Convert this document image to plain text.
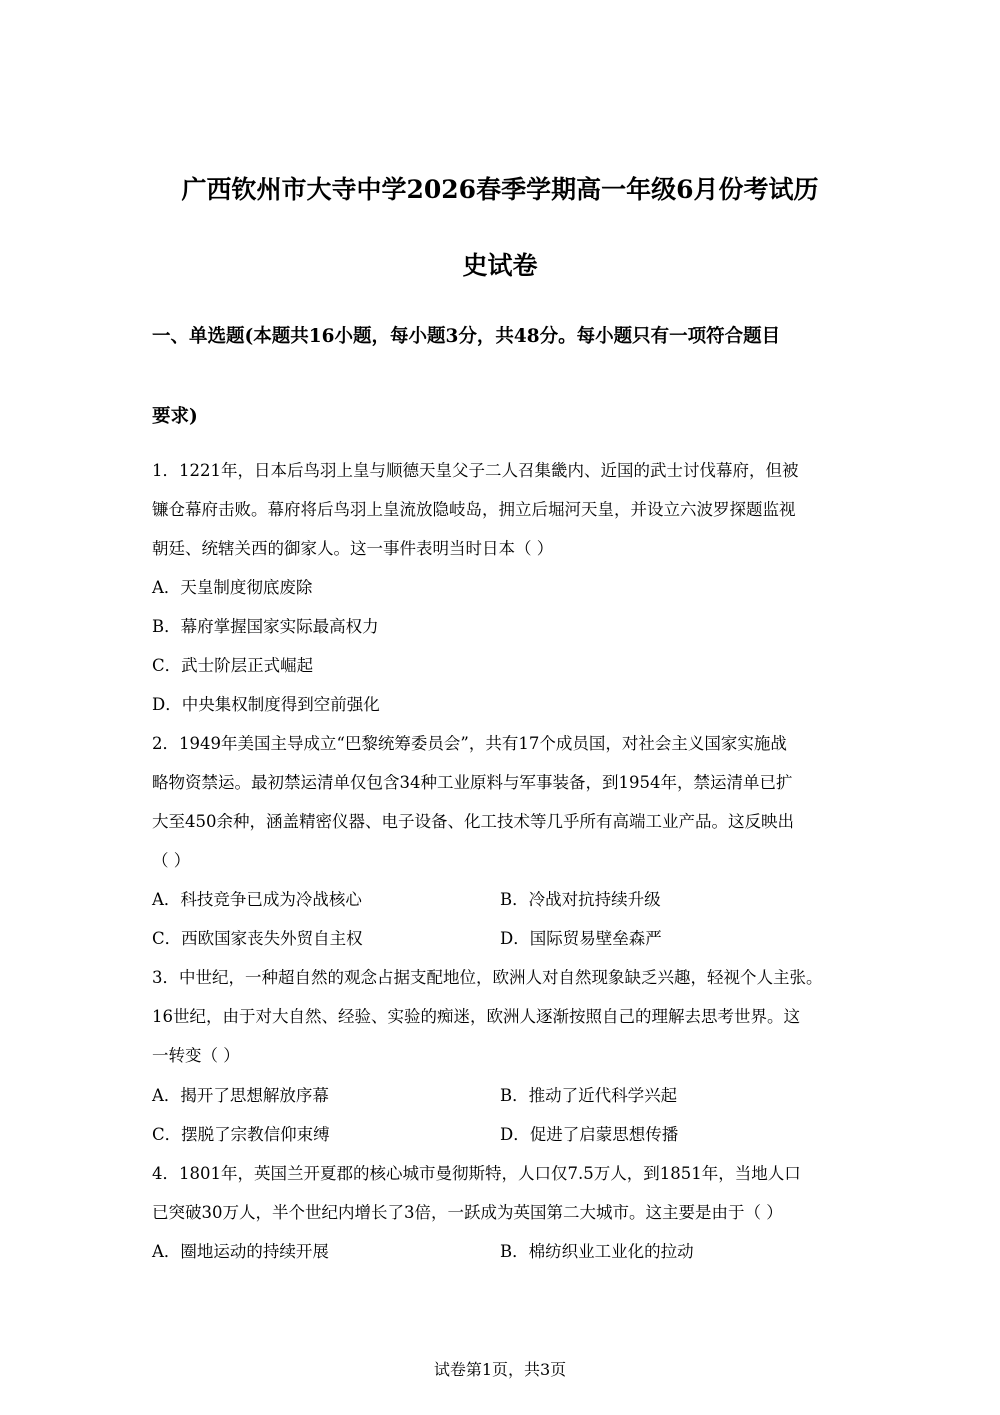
广西钦州市大寺中学2026春季学期高一年级6月份考试历
史试卷
一、单选题(本题共16小题，每小题3分，共48分。每小题只有一项符合题目
要求)
1．1221年，日本后鸟羽上皇与顺德天皇父子二人召集畿内、近国的武士讨伐幕府，但被
镰仓幕府击败。幕府将后鸟羽上皇流放隐岐岛，拥立后堀河天皇，并设立六波罗探题监视
朝廷、统辖关西的御家人。这一事件表明当时日本（ ）
A．天皇制度彻底废除
B．幕府掌握国家实际最高权力
C．武士阶层正式崛起
D．中央集权制度得到空前强化
2．1949年美国主导成立“巴黎统筹委员会”，共有17个成员国，对社会主义国家实施战
略物资禁运。最初禁运清单仅包含34种工业原料与军事装备，到1954年，禁运清单已扩
大至450余种，涵盖精密仪器、电子设备、化工技术等几乎所有高端工业产品。这反映出
（ ）
A．科技竞争已成为冷战核心	B．冷战对抗持续升级
C．西欧国家丧失外贸自主权	D．国际贸易壁垒森严
3．中世纪，一种超自然的观念占据支配地位，欧洲人对自然现象缺乏兴趣，轻视个人主张。
16世纪，由于对大自然、经验、实验的痴迷，欧洲人逐渐按照自己的理解去思考世界。这
一转变（ ）
A．揭开了思想解放序幕	B．推动了近代科学兴起
C．摆脱了宗教信仰束缚	D．促进了启蒙思想传播
4．1801年，英国兰开夏郡的核心城市曼彻斯特，人口仅7.5万人，到1851年，当地人口
已突破30万人，半个世纪内增长了3倍，一跃成为英国第二大城市。这主要是由于（ ）
A．圈地运动的持续开展	B．棉纺织业工业化的拉动
试卷第1页，共3页
